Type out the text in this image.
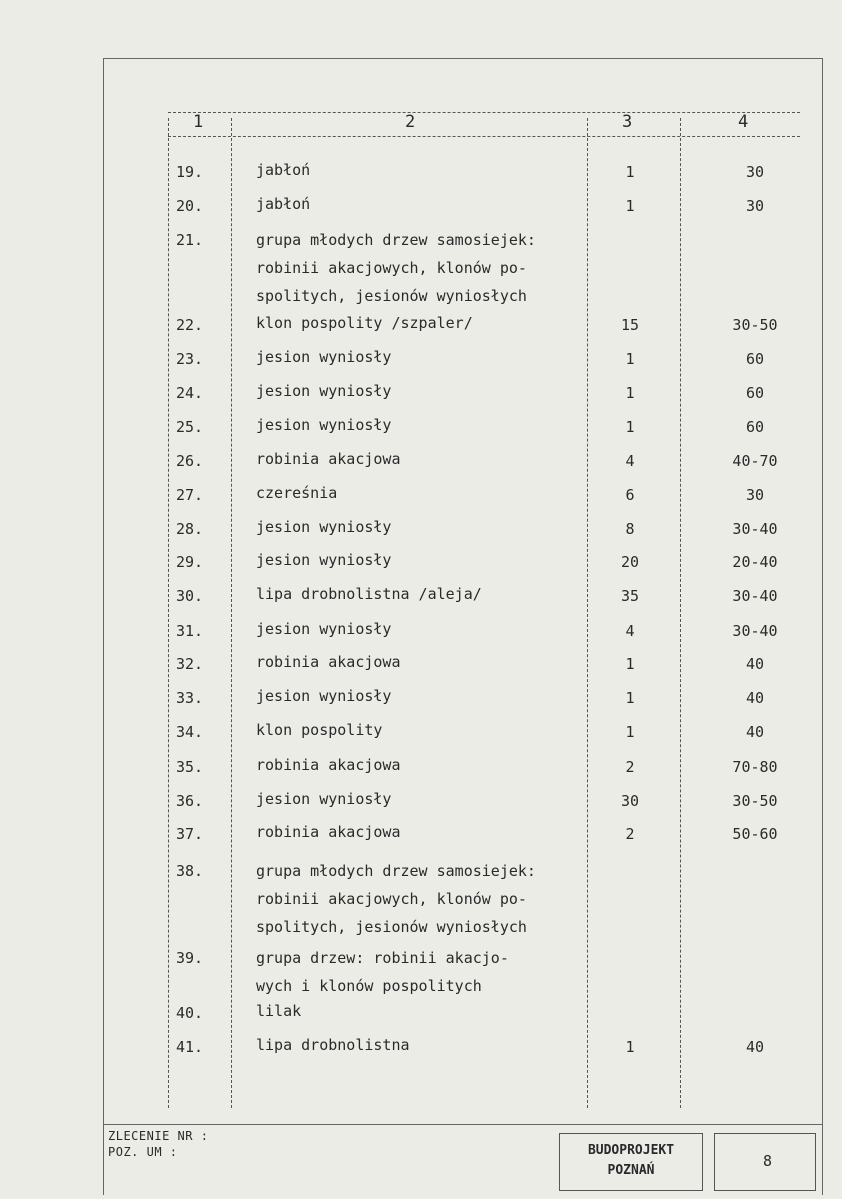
1	2	3	4
19.	jabłoń	1	30
20.	jabłoń	1	30
21.	grupa młodych drzew samosiejek:
robinii akacjowych, klonów po-
spolitych, jesionów wyniosłych
22.	klon pospolity /szpaler/	15	30-50
23.	jesion wyniosły	1	60
24.	jesion wyniosły	1	60
25.	jesion wyniosły	1	60
26.	robinia akacjowa	4	40-70
27.	czereśnia	6	30
28.	jesion wyniosły	8	30-40
29.	jesion wyniosły	20	20-40
30.	lipa drobnolistna /aleja/	35	30-40
31.	jesion wyniosły	4	30-40
32.	robinia akacjowa	1	40
33.	jesion wyniosły	1	40
34.	klon pospolity	1	40
35.	robinia akacjowa	2	70-80
36.	jesion wyniosły	30	30-50
37.	robinia akacjowa	2	50-60
38.	grupa młodych drzew samosiejek:
robinii akacjowych, klonów po-
spolitych, jesionów wyniosłych
39.	grupa drzew: robinii akacjo-
wych i klonów pospolitych
40.	lilak
41.	lipa drobnolistna	1	40
ZLECENIE NR :
POZ. UM :	BUDOPROJEKT
POZNAŃ
8
